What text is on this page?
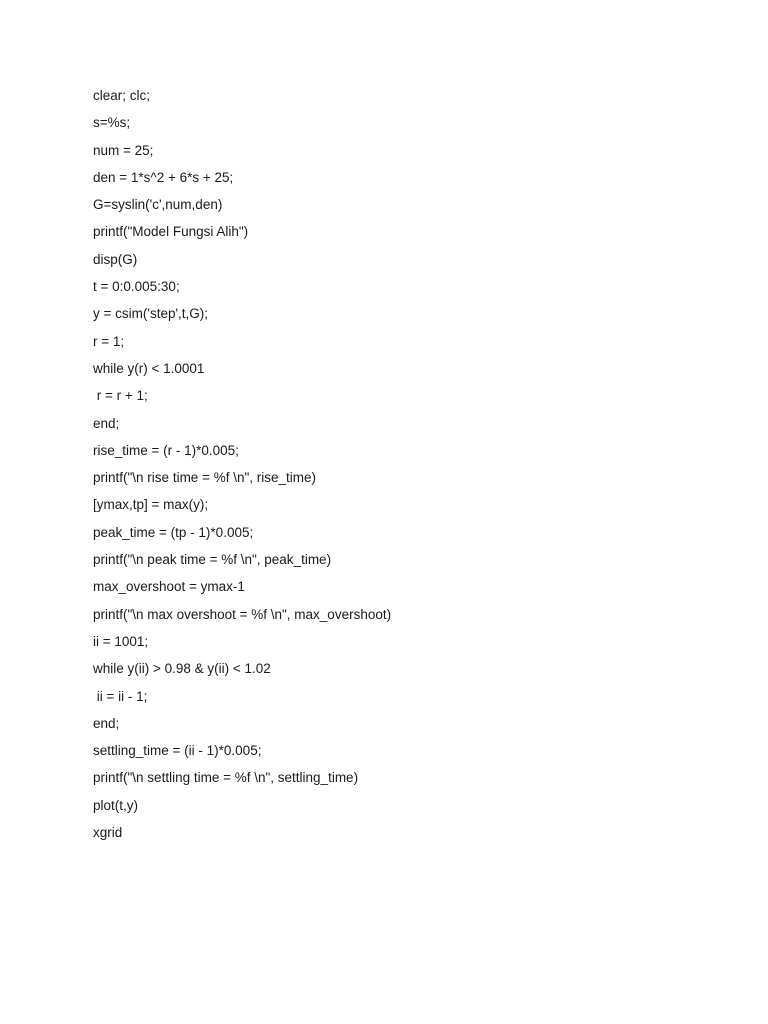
clear; clc;
s=%s;
num = 25;
den = 1*s^2 + 6*s + 25;
G=syslin('c',num,den)
printf("Model Fungsi Alih")
disp(G)
t = 0:0.005:30;
y = csim('step',t,G);
r = 1;
while y(r) < 1.0001
r = r + 1;
end;
rise_time = (r - 1)*0.005;
printf("\n rise time = %f \n", rise_time)
[ymax,tp] = max(y);
peak_time = (tp - 1)*0.005;
printf("\n peak time = %f \n", peak_time)
max_overshoot = ymax-1
printf("\n max overshoot = %f \n", max_overshoot)
ii = 1001;
while y(ii) > 0.98 & y(ii) < 1.02
ii = ii - 1;
end;
settling_time = (ii - 1)*0.005;
printf("\n settling time = %f \n", settling_time)
plot(t,y)
xgrid
